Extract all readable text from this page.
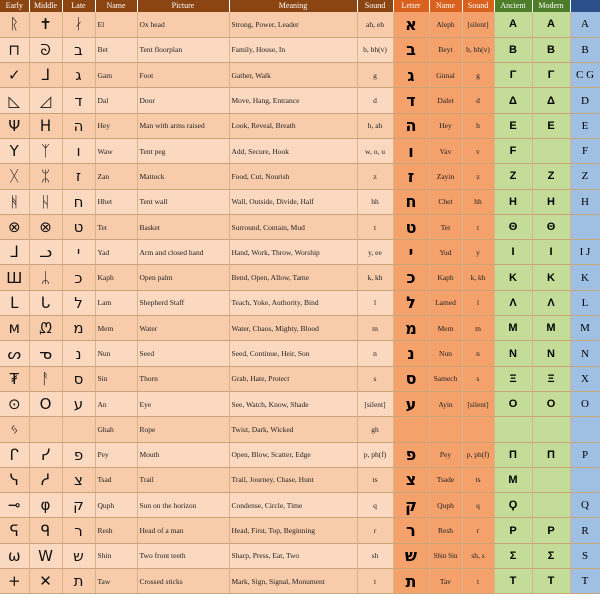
Early	Middle	Late	Name	Picture	Meaning	Sound	Letter	Name	Sound	Ancient	Modern	
ᚱ	✝	ᛅ	El	Ox head	Strong, Power, Leader	ah, eh	א	Aleph	[silent]	A	A	A
⊓	ᘐ	ב	Bet	Tent floorplan	Family, House, In	b, bh(v)	ב	Beyt	b, bh(v)	B	B	B
✓	ᒧ	ג	Gam	Foot	Gather, Walk	g	ג	Gimal	g	Γ	Γ	C G
◺	◿	ד	Dal	Door	Move, Hang, Entrance	d	ד	Dalet	d	Δ	Δ	D
Ψ	ᕼ	ה	Hey	Man with arms raised	Look, Reveal, Breath	h, ah	ה	Hey	h	E	E	E
Y	ᛉ	ו	Waw	Tent peg	Add, Secure, Hook	w, o, u	ו	Vav	v	F		F
ᚷ	ᛯ	ז	Zan	Mattock	Food, Cut, Nourish	z	ז	Zayin	z	Z	Z	Z
ᚻ	ᚺ	ח	Hhet	Tent wall	Wall, Outside, Divide, Half	hh	ח	Chet	hh	H	H	H
⊗	⊗	ט	Tet	Basket	Surround, Contain, Mud	t	ט	Tet	t	Θ	Θ	
ᒧ	ᓗ	י	Yad	Arm and closed hand	Hand, Work, Throw, Worship	y, ee	י	Yud	y	I	I	I J
Ш	ᛦ	כ	Kaph	Open palm	Bend, Open, Allow, Tame	k, kh	כ	Kaph	k, kh	K	K	K
ᒪ	ᒐ	ל	Lam	Shepherd Staff	Teach, Yoke, Authority, Bind	l	ל	Lamed	l	Λ	Λ	L
ᴍ	ᘻ	מ	Mem	Water	Water, Chaos, Mighty, Blood	m	מ	Mem	m	M	M	M
ᔕ	ᓀ	נ	Nun	Seed	Seed, Continue, Heir, Son	n	נ	Nun	n	N	N	N
₮	ᚨ	ס	Sin	Thorn	Grab, Hate, Protect	s	ס	Samech	s	Ξ	Ξ	X
⊙	O	ע	An	Eye	See, Watch, Know, Shade	[silent]	ע	Ayin	[silent]	O	O	O
ᛃ			Ghah	Rope	Twist, Dark, Wicked	gh						
ᒋ	ᓯ	פ	Pey	Mouth	Open, Blow, Scatter, Edge	p, ph(f)	פ	Pey	p, ph(f)	Π	Π	P
ᓭ	ᓱ	צ	Tsad	Trail	Trail, Journey, Chase, Hunt	ts	צ	Tsade	ts	M		
⊸	φ	ק	Quph	Sun on the horizon	Condense, Circle, Time	q	ק	Quph	q	Ϙ		Q
ᕋ	ᑫ	ר	Resh	Head of a man	Head, First, Top, Beginning	r	ר	Resh	r	P	P	R
ω	W	ש	Shin	Two front teeth	Sharp, Press, Eat, Two	sh	ש	Shin Sin	sh, s	Σ	Σ	S
+	✕	ת	Taw	Crossed sticks	Mark, Sign, Signal, Monument	t	ת	Tav	t	T	T	T
